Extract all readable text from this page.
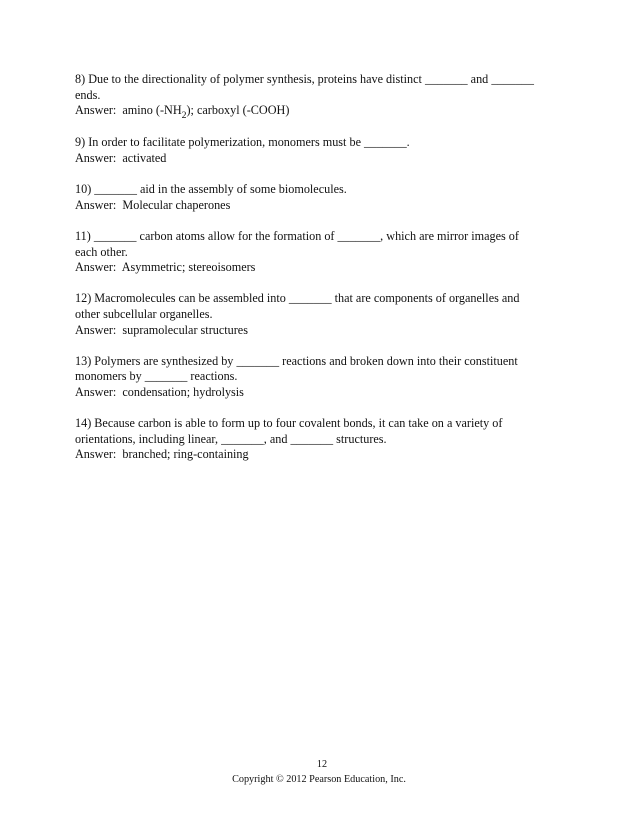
8) Due to the directionality of polymer synthesis, proteins have distinct _______ and _______
ends.
Answer: amino $(-NH_2)$; carboxyl (-COOH)
9) In order to facilitate polymerization, monomers must be _______.
Answer: activated
10) _______ aid in the assembly of some biomolecules.
Answer: Molecular chaperones
11) _______ carbon atoms allow for the formation of _______, which are mirror images of
each other.
Answer: Asymmetric; stereoisomers
12) Macromolecules can be assembled into _______ that are components of organelles and
other subcellular organelles.
Answer: supramolecular structures
13) Polymers are synthesized by _______ reactions and broken down into their constituent
monomers by _______ reactions.
Answer: condensation; hydrolysis
14) Because carbon is able to form up to four covalent bonds, it can take on a variety of
orientations, including linear, _______, and _______ structures.
Answer: branched; ring-containing
12
Copyright © 2012 Pearson Education, Inc.
